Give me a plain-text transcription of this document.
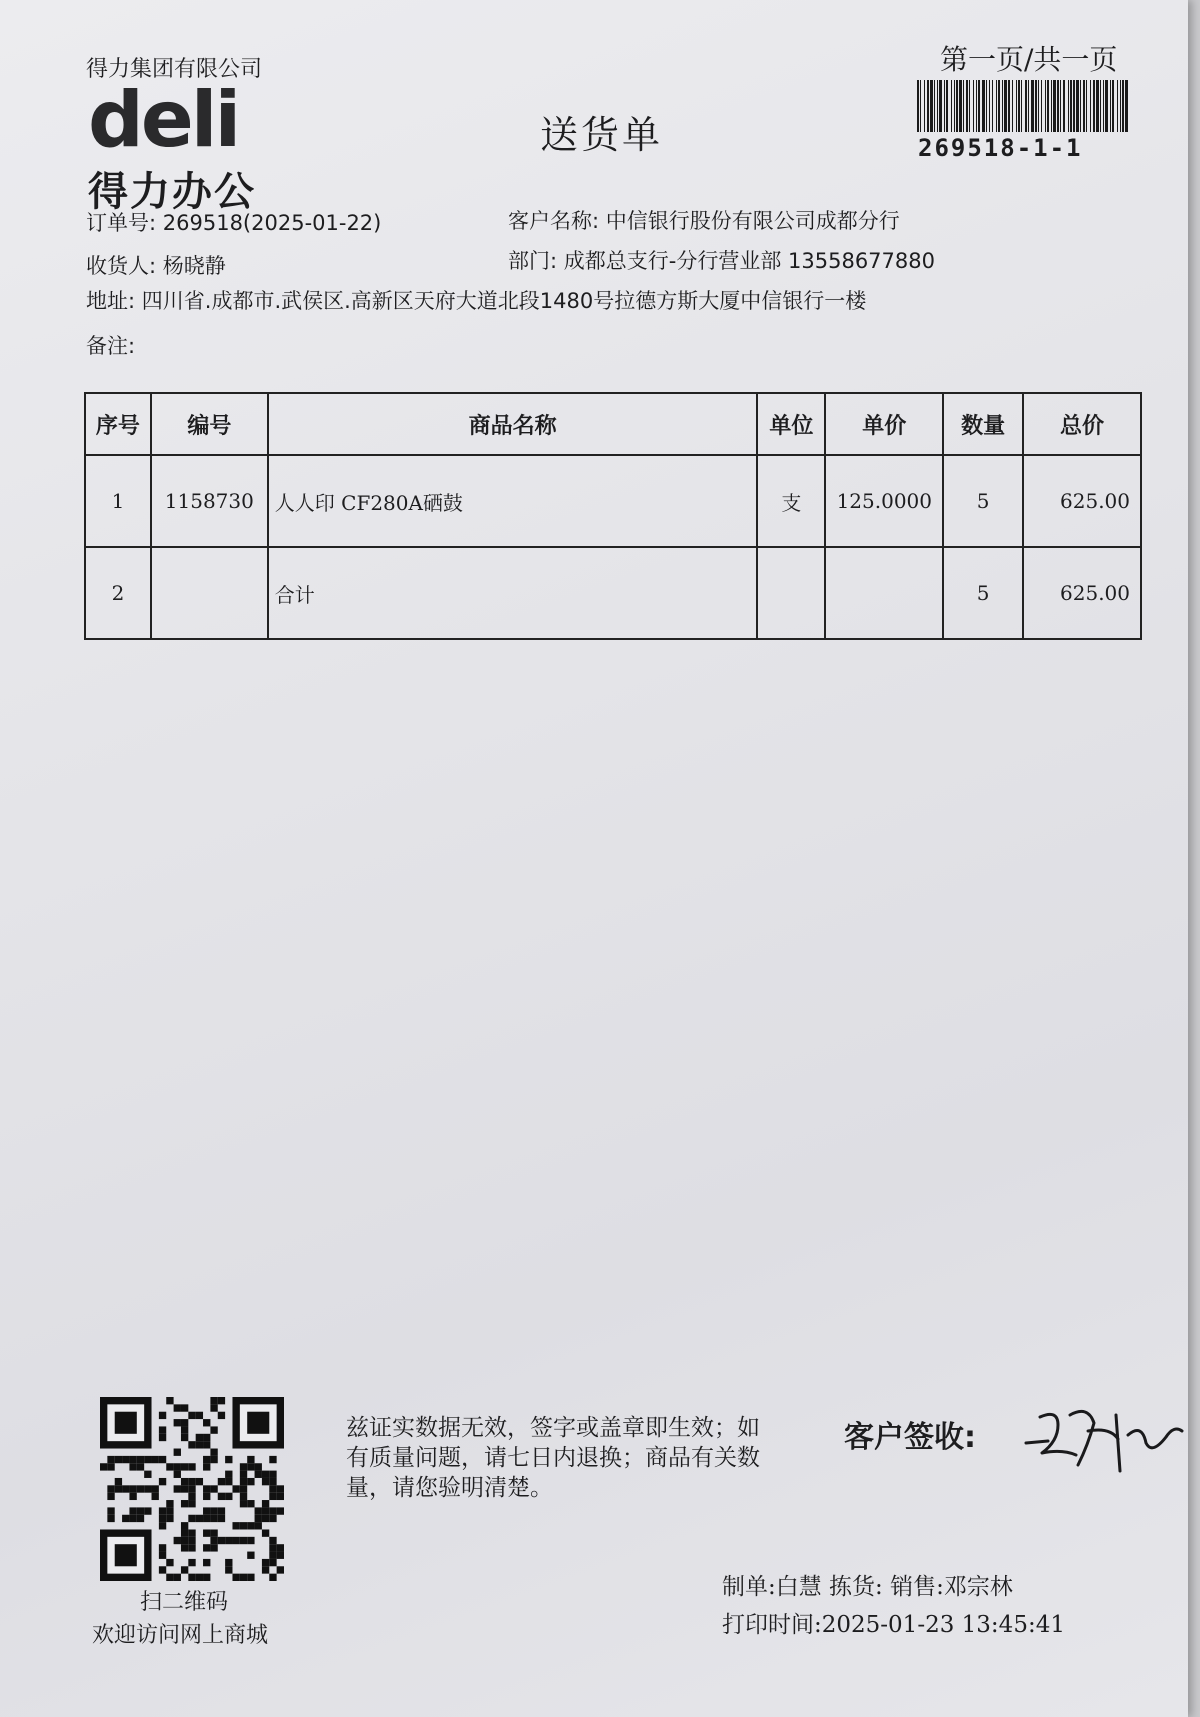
得力集团有限公司
deli
得力办公
送货单
第一页/共一页
269518-1-1
订单号: 269518(2025-01-22)	客户名称: 中信银行股份有限公司成都分行
收货人: 杨晓静	部门: 成都总支行-分行营业部 13558677880
地址: 四川省.成都市.武侯区.高新区天府大道北段1480号拉德方斯大厦中信银行一楼
备注:
序号	编号	商品名称	单位	单价	数量	总价
1	1158730	人人印 CF280A硒鼓	支	125.0000	5	625.00
2		合计			5	625.00
扫二维码
欢迎访问网上商城
兹证实数据无效，签字或盖章即生效；如有质量问题，请七日内退换；商品有关数量，请您验明清楚。
客户签收:
制单:白慧 拣货: 销售:邓宗林
打印时间:2025-01-23 13:45:41
